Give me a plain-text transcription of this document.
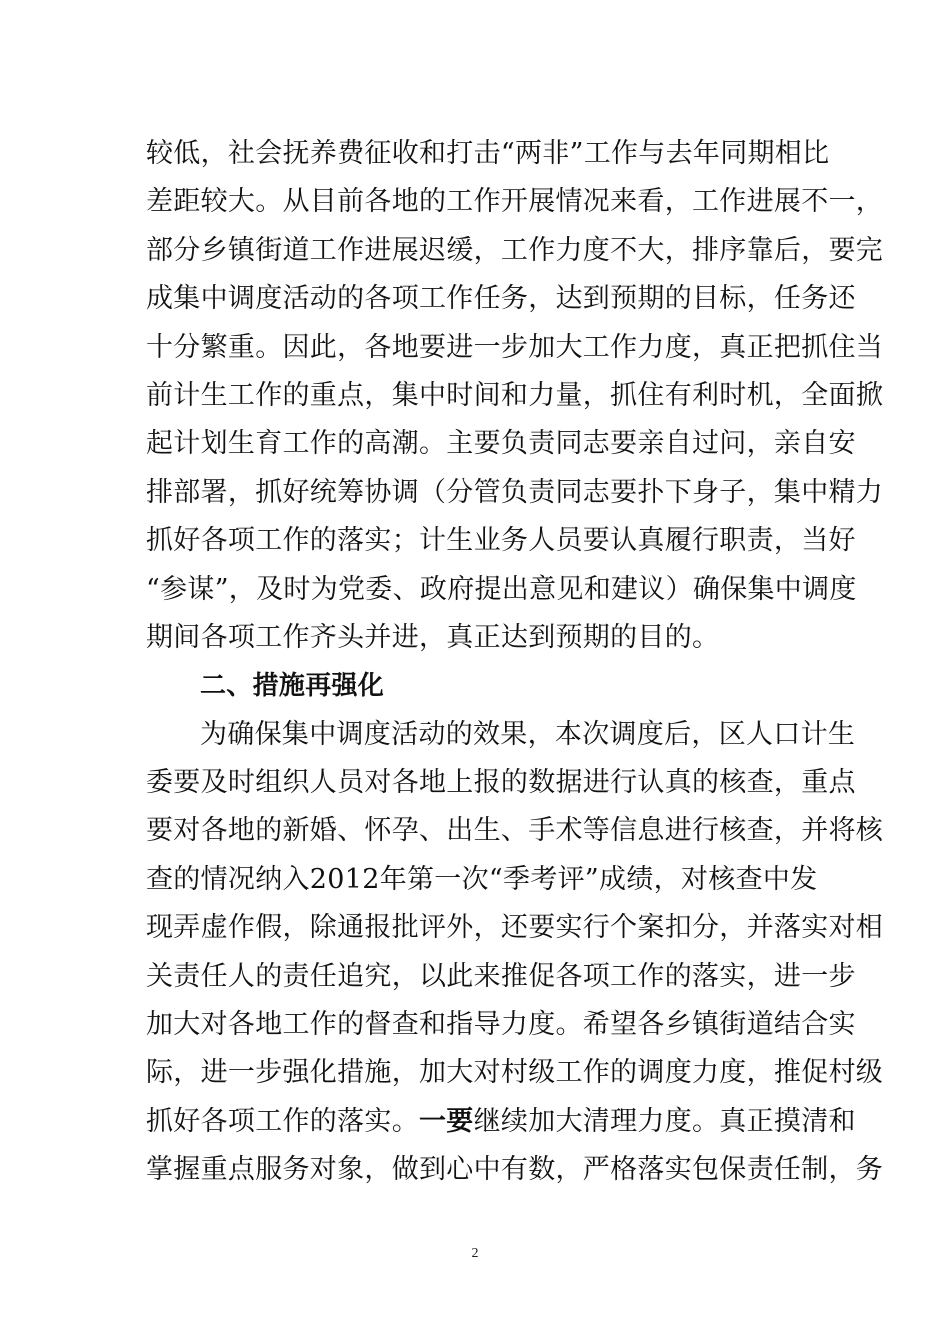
较低，社会抚养费征收和打击“两非”工作与去年同期相比
差距较大。从目前各地的工作开展情况来看，工作进展不一，
部分乡镇街道工作进展迟缓，工作力度不大，排序靠后，要完
成集中调度活动的各项工作任务，达到预期的目标，任务还
十分繁重。因此，各地要进一步加大工作力度，真正把抓住当
前计生工作的重点，集中时间和力量，抓住有利时机，全面掀
起计划生育工作的高潮。主要负责同志要亲自过问，亲自安
排部署，抓好统筹协调（分管负责同志要扑下身子，集中精力
抓好各项工作的落实；计生业务人员要认真履行职责，当好
“参谋”，及时为党委、政府提出意见和建议）确保集中调度
期间各项工作齐头并进，真正达到预期的目的。
二、措施再强化
为确保集中调度活动的效果，本次调度后，区人口计生
委要及时组织人员对各地上报的数据进行认真的核查，重点
要对各地的新婚、怀孕、出生、手术等信息进行核查，并将核
查的情况纳入2012年第一次“季考评”成绩，对核查中发
现弄虚作假，除通报批评外，还要实行个案扣分，并落实对相
关责任人的责任追究，以此来推促各项工作的落实，进一步
加大对各地工作的督查和指导力度。希望各乡镇街道结合实
际，进一步强化措施，加大对村级工作的调度力度，推促村级
抓好各项工作的落实。一要继续加大清理力度。真正摸清和
掌握重点服务对象，做到心中有数，严格落实包保责任制，务
2
